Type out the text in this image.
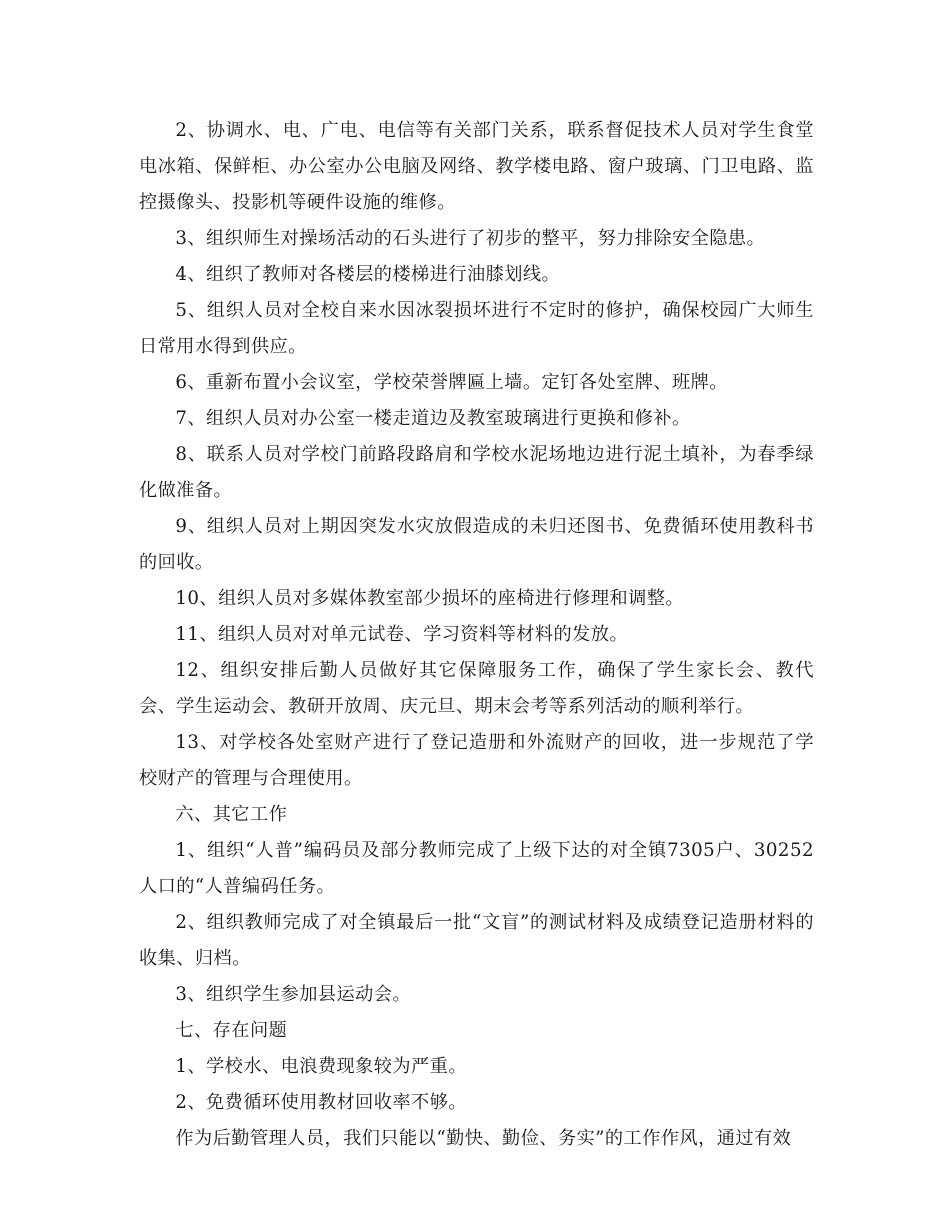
2、协调水、电、广电、电信等有关部门关系，联系督促技术人员对学生食堂电冰箱、保鲜柜、办公室办公电脑及网络、教学楼电路、窗户玻璃、门卫电路、监控摄像头、投影机等硬件设施的维修。

3、组织师生对操场活动的石头进行了初步的整平，努力排除安全隐患。

4、组织了教师对各楼层的楼梯进行油膝划线。

5、组织人员对全校自来水因冰裂损坏进行不定时的修护，确保校园广大师生日常用水得到供应。

6、重新布置小会议室，学校荣誉牌匾上墙。定钉各处室牌、班牌。

7、组织人员对办公室一楼走道边及教室玻璃进行更换和修补。

8、联系人员对学校门前路段路肩和学校水泥场地边进行泥土填补，为春季绿化做准备。

9、组织人员对上期因突发水灾放假造成的未归还图书、免费循环使用教科书的回收。

10、组织人员对多媒体教室部少损坏的座椅进行修理和调整。

11、组织人员对对单元试卷、学习资料等材料的发放。

12、组织安排后勤人员做好其它保障服务工作，确保了学生家长会、教代会、学生运动会、教研开放周、庆元旦、期末会考等系列活动的顺利举行。

13、对学校各处室财产进行了登记造册和外流财产的回收，进一步规范了学校财产的管理与合理使用。

六、其它工作

1、组织“人普”编码员及部分教师完成了上级下达的对全镇7305户、30252人口的“人普编码任务。

2、组织教师完成了对全镇最后一批“文盲”的测试材料及成绩登记造册材料的收集、归档。

3、组织学生参加县运动会。

七、存在问题

1、学校水、电浪费现象较为严重。

2、免费循环使用教材回收率不够。

作为后勤管理人员，我们只能以“勤快、勤俭、务实”的工作作风，通过有效
